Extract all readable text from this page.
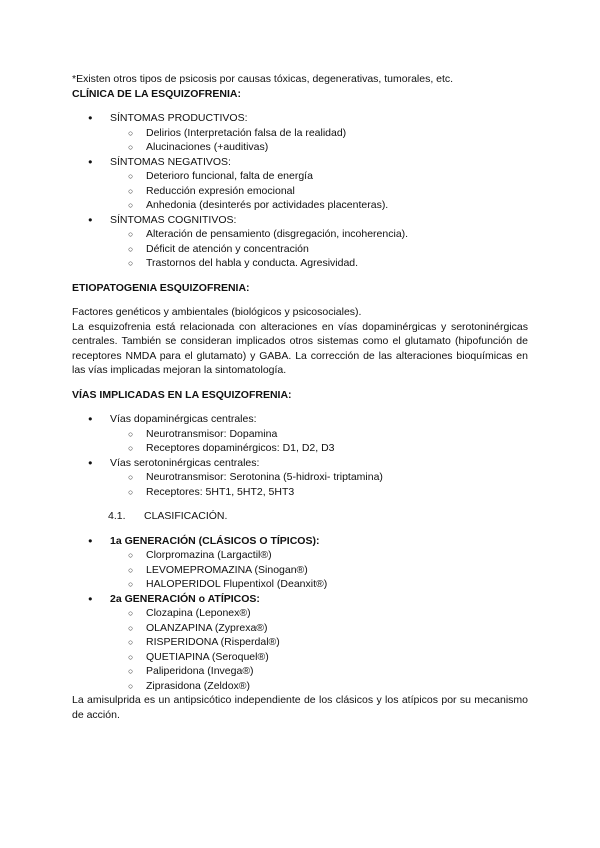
*Existen otros tipos de psicosis por causas tóxicas, degenerativas, tumorales, etc.

CLÍNICA DE LA ESQUIZOFRENIA:
● SÍNTOMAS PRODUCTIVOS:
○ Delirios (Interpretación falsa de la realidad)
○ Alucinaciones (+auditivas)
● SÍNTOMAS NEGATIVOS:
○ Deterioro funcional, falta de energía
○ Reducción expresión emocional
○ Anhedonia (desinterés por actividades placenteras).
● SÍNTOMAS COGNITIVOS:
○ Alteración de pensamiento (disgregación, incoherencia).
○ Déficit de atención y concentración
○ Trastornos del habla y conducta. Agresividad.
ETIOPATOGENIA ESQUIZOFRENIA:

Factores genéticos y ambientales (biológicos y psicosociales).

La esquizofrenia está relacionada con alteraciones en vías dopaminérgicas y serotoninérgicas centrales. También se consideran implicados otros sistemas como el glutamato (hipofunción de receptores NMDA para el glutamato) y GABA. La corrección de las alteraciones bioquímicas en las vías implicadas mejoran la sintomatología.

VÍAS IMPLICADAS EN LA ESQUIZOFRENIA:
● Vías dopaminérgicas centrales:
○ Neurotransmisor: Dopamina
○ Receptores dopaminérgicos: D1, D2, D3
● Vías serotoninérgicas centrales:
○ Neurotransmisor: Serotonina (5-hidroxi- triptamina)
○ Receptores: 5HT1, 5HT2, 5HT3
4.1.	CLASIFICACIÓN.
● 1a GENERACIÓN (CLÁSICOS O TÍPICOS):
○ Clorpromazina (Largactil®)
○ LEVOMEPROMAZINA (Sinogan®)
○ HALOPERIDOL Flupentixol (Deanxit®)
● 2a GENERACIÓN o ATÍPICOS:
○ Clozapina (Leponex®)
○ OLANZAPINA (Zyprexa®)
○ RISPERIDONA (Risperdal®)
○ QUETIAPINA (Seroquel®)
○ Paliperidona (Invega®)
○ Ziprasidona (Zeldox®)

La amisulprida es un antipsicótico independiente de los clásicos y los atípicos por su mecanismo de acción.
